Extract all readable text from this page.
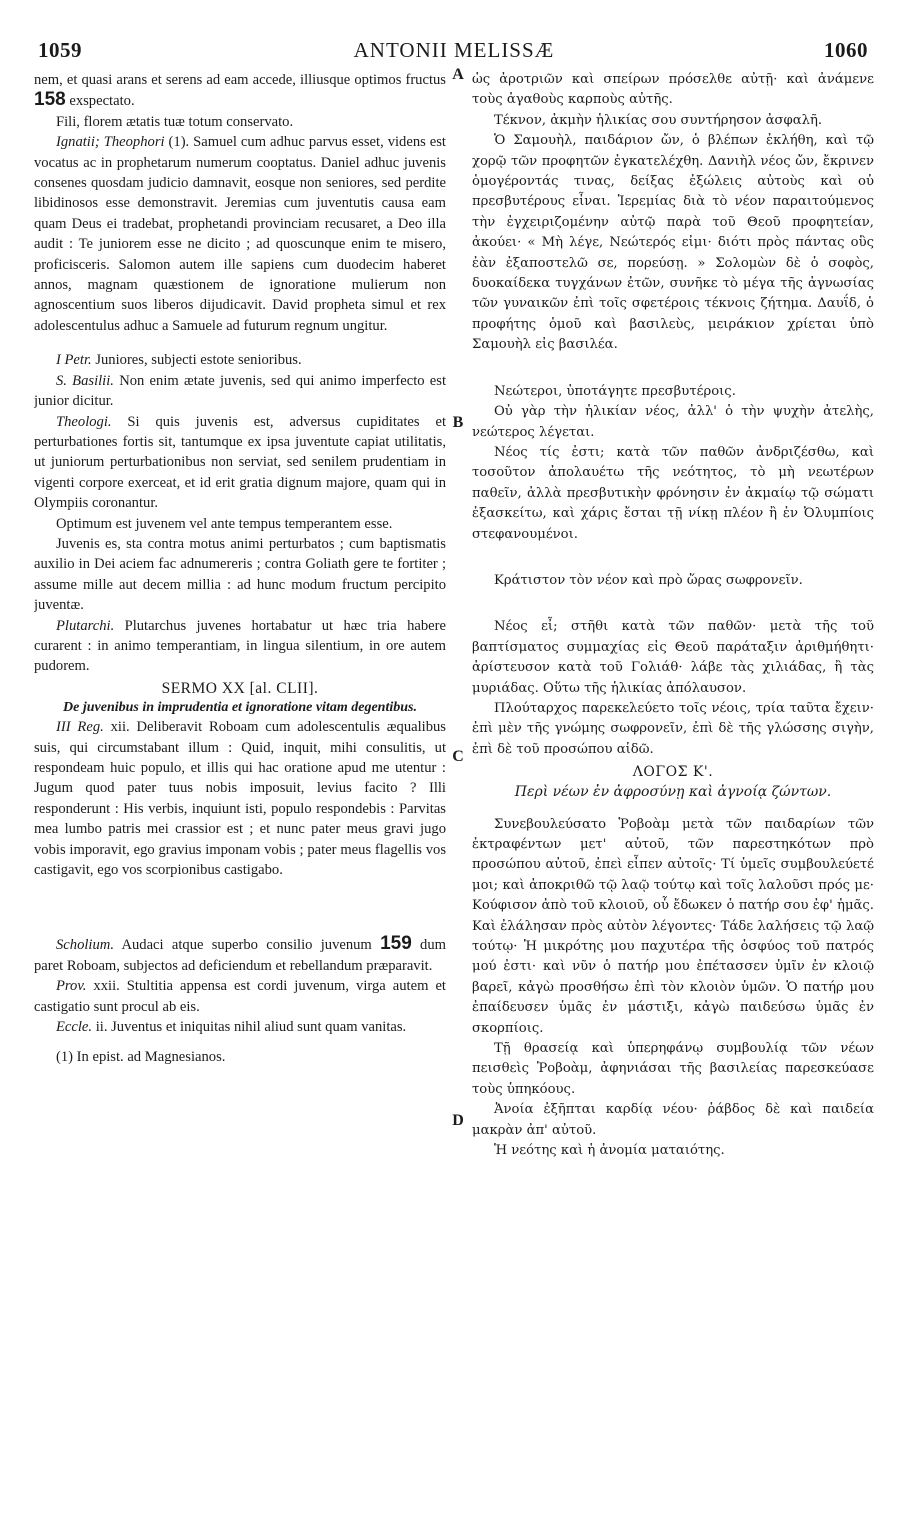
1059	ANTONII MELISSÆ	1060
A
B
C
D

nem, et quasi arans et serens ad eam accede, illiusque optimos fructus 158 exspectato.

Fili, florem ætatis tuæ totum conservato.

Ignatii; Theophori (1). Samuel cum adhuc parvus esset, videns est vocatus ac in prophetarum numerum cooptatus. Daniel adhuc juvenis consenes quosdam judicio damnavit, eosque non seniores, sed perdite libidinosos esse demonstravit. Jeremias cum juventutis causa eam quam Deus ei tradebat, prophetandi provinciam recusaret, a Deo illa audit : Te juniorem esse ne dicito ; ad quoscunque enim te misero, proficisceris. Salomon autem ille sapiens cum duodecim haberet annos, magnam quæstionem de ignoratione mulierum non agnoscentium suos liberos dijudicavit. David propheta simul et rex adolescentulus adhuc a Samuele ad futurum regnum ungitur.

I Petr. Juniores, subjecti estote senioribus.

S. Basilii. Non enim ætate juvenis, sed qui animo imperfecto est junior dicitur.

Theologi. Si quis juvenis est, adversus cupiditates et perturbationes fortis sit, tantumque ex ipsa juventute capiat utilitatis, ut juniorum perturbationibus non serviat, sed senilem prudentiam in vigenti corpore exerceat, et id erit gratia dignum majore, quam qui in Olympiis coronantur.

Optimum est juvenem vel ante tempus temperantem esse.

Juvenis es, sta contra motus animi perturbatos ; cum baptismatis auxilio in Dei aciem fac adnumereris ; contra Goliath gere te fortiter ; assume mille aut decem millia : ad hunc modum fructum percipito juventæ.

Plutarchi. Plutarchus juvenes hortabatur ut hæc tria habere curarent : in animo temperantiam, in lingua silentium, in ore autem pudorem.

SERMO XX [al. CLII].
De juvenibus in imprudentia et ignoratione vitam degentibus.

III Reg. xii. Deliberavit Roboam cum adolescentulis æqualibus suis, qui circumstabant illum : Quid, inquit, mihi consulitis, ut respondeam huic populo, et illis qui hac oratione apud me utentur : Jugum quod pater tuus nobis imposuit, levius facito ? Illi responderunt : His verbis, inquiunt isti, populo respondebis : Parvitas mea lumbo patris mei crassior est ; et nunc pater meus gravi jugo vobis imporavit, ego gravius imponam vobis ; pater meus flagellis vos castigavit, ego vos scorpionibus castigabo.

Scholium. Audaci atque superbo consilio juvenum 159 dum paret Roboam, subjectos ad deficiendum et rebellandum præparavit.

Prov. xxii. Stultitia appensa est cordi juvenum, virga autem et castigatio sunt procul ab eis.

Eccle. ii. Juventus et iniquitas nihil aliud sunt quam vanitas.

(1) In epist. ad Magnesianos.

ὡς ἀροτριῶν καὶ σπείρων πρόσελθε αὐτῇ· καὶ ἀνάμενε τοὺς ἀγαθοὺς καρποὺς αὐτῆς.

Τέκνον, ἀκμὴν ἡλικίας σου συντήρησον ἀσφαλῆ.

Ὁ Σαμουὴλ, παιδάριον ὤν, ὁ βλέπων ἐκλήθη, καὶ τῷ χορῷ τῶν προφητῶν ἐγκατελέχθη. Δανιὴλ νέος ὤν, ἔκρινεν ὁμογέροντάς τινας, δείξας ἐξώλεις αὐτοὺς καὶ οὐ πρεσβυτέρους εἶναι. Ἱερεμίας διὰ τὸ νέον παραιτούμενος τὴν ἐγχειριζομένην αὐτῷ παρὰ τοῦ Θεοῦ προφητείαν, ἀκούει· « Μὴ λέγε, Νεώτερός εἰμι· διότι πρὸς πάντας οὓς ἐὰν ἐξαποστελῶ σε, πορεύσῃ. » Σολομὼν δὲ ὁ σοφὸς, δυοκαίδεκα τυγχάνων ἐτῶν, συνῆκε τὸ μέγα τῆς ἀγνωσίας τῶν γυναικῶν ἐπὶ τοῖς σφετέροις τέκνοις ζήτημα. Δαυΐδ, ὁ προφήτης ὁμοῦ καὶ βασιλεὺς, μειράκιον χρίεται ὑπὸ Σαμουὴλ εἰς βασιλέα.

Νεώτεροι, ὑποτάγητε πρεσβυτέροις.

Οὐ γὰρ τὴν ἡλικίαν νέος, ἀλλ' ὁ τὴν ψυχὴν ἀτελὴς, νεώτερος λέγεται.

Νέος τίς ἐστι; κατὰ τῶν παθῶν ἀνδριζέσθω, καὶ τοσοῦτον ἀπολαυέτω τῆς νεότητος, τὸ μὴ νεωτέρων παθεῖν, ἀλλὰ πρεσβυτικὴν φρόνησιν ἐν ἀκμαίῳ τῷ σώματι ἐξασκείτω, καὶ χάρις ἔσται τῇ νίκῃ πλέον ἢ ἐν Ὀλυμπίοις στεφανουμένοι.

Κράτιστον τὸν νέον καὶ πρὸ ὥρας σωφρονεῖν.

Νέος εἶ; στῆθι κατὰ τῶν παθῶν· μετὰ τῆς τοῦ βαπτίσματος συμμαχίας εἰς Θεοῦ παράταξιν ἀριθμήθητι· ἀρίστευσον κατὰ τοῦ Γολιάθ· λάβε τὰς χιλιάδας, ἢ τὰς μυριάδας. Οὕτω τῆς ἡλικίας ἀπόλαυσον.

Πλούταρχος παρεκελεύετο τοῖς νέοις, τρία ταῦτα ἔχειν· ἐπὶ μὲν τῆς γνώμης σωφρονεῖν, ἐπὶ δὲ τῆς γλώσσης σιγὴν, ἐπὶ δὲ τοῦ προσώπου αἰδῶ.

ΛΟΓΟΣ Κ'.
Περὶ νέων ἐν ἀφροσύνῃ καὶ ἀγνοίᾳ ζώντων.

Συνεβουλεύσατο Ῥοβοὰμ μετὰ τῶν παιδαρίων τῶν ἐκτραφέντων μετ' αὐτοῦ, τῶν παρεστηκότων πρὸ προσώπου αὐτοῦ, ἐπεὶ εἶπεν αὐτοῖς· Τί ὑμεῖς συμβουλεύετέ μοι; καὶ ἀποκριθῶ τῷ λαῷ τούτῳ καὶ τοῖς λαλοῦσι πρός με· Κούφισον ἀπὸ τοῦ κλοιοῦ, οὗ ἔδωκεν ὁ πατήρ σου ἐφ' ἡμᾶς. Καὶ ἐλάλησαν πρὸς αὐτὸν λέγοντες· Τάδε λαλήσεις τῷ λαῷ τούτῳ· Ἡ μικρότης μου παχυτέρα τῆς ὀσφύος τοῦ πατρός μού ἐστι· καὶ νῦν ὁ πατήρ μου ἐπέτασσεν ὑμῖν ἐν κλοιῷ βαρεῖ, κἀγὼ προσθήσω ἐπὶ τὸν κλοιὸν ὑμῶν. Ὁ πατήρ μου ἐπαίδευσεν ὑμᾶς ἐν μάστιξι, κἀγὼ παιδεύσω ὑμᾶς ἐν σκορπίοις.

Τῇ θρασείᾳ καὶ ὑπερηφάνῳ συμβουλίᾳ τῶν νέων πεισθεὶς Ῥοβοὰμ, ἀφηνιάσαι τῆς βασιλείας παρεσκεύασε τοὺς ὑπηκόους.

Ἀνοία ἐξῆπται καρδίᾳ νέου· ῥάβδος δὲ καὶ παιδεία μακρὰν ἀπ' αὐτοῦ.

Ἡ νεότης καὶ ἡ ἀνομία ματαιότης.
